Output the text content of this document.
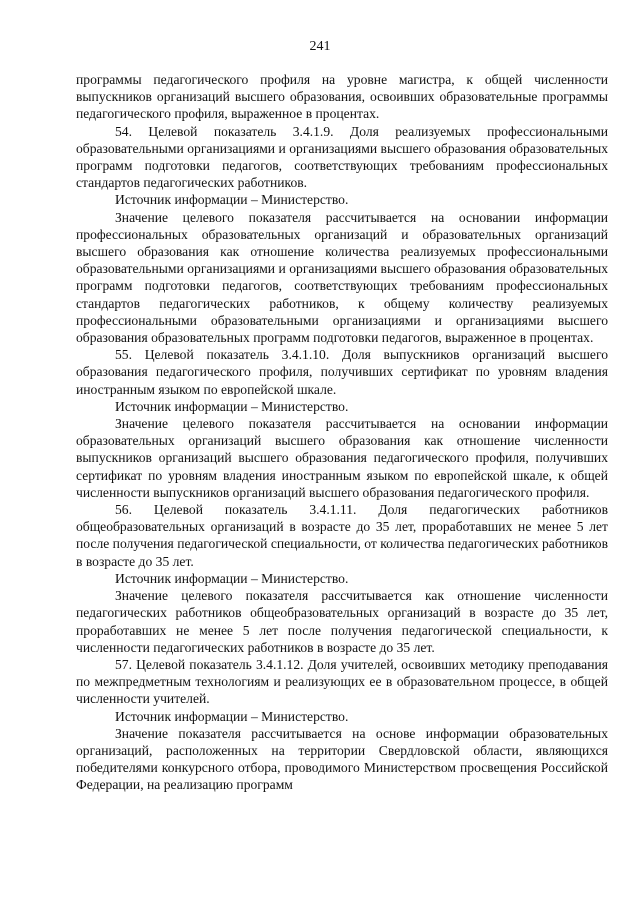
241

программы педагогического профиля на уровне магистра, к общей численности выпускников организаций высшего образования, освоивших образовательные программы педагогического профиля, выраженное в процентах.

54. Целевой показатель 3.4.1.9. Доля реализуемых профессиональными образовательными организациями и организациями высшего образования образовательных программ подготовки педагогов, соответствующих требованиям профессиональных стандартов педагогических работников.

Источник информации – Министерство.

Значение целевого показателя рассчитывается на основании информации профессиональных образовательных организаций и образовательных организаций высшего образования как отношение количества реализуемых профессиональными образовательными организациями и организациями высшего образования образовательных программ подготовки педагогов, соответствующих требованиям профессиональных стандартов педагогических работников, к общему количеству реализуемых профессиональными образовательными организациями и организациями высшего образования образовательных программ подготовки педагогов, выраженное в процентах.

55. Целевой показатель 3.4.1.10. Доля выпускников организаций высшего образования педагогического профиля, получивших сертификат по уровням владения иностранным языком по европейской шкале.

Источник информации – Министерство.

Значение целевого показателя рассчитывается на основании информации образовательных организаций высшего образования как отношение численности выпускников организаций высшего образования педагогического профиля, получивших сертификат по уровням владения иностранным языком по европейской шкале, к общей численности выпускников организаций высшего образования педагогического профиля.

56. Целевой показатель 3.4.1.11. Доля педагогических работников общеобразовательных организаций в возрасте до 35 лет, проработавших не менее 5 лет после получения педагогической специальности, от количества педагогических работников в возрасте до 35 лет.

Источник информации – Министерство.

Значение целевого показателя рассчитывается как отношение численности педагогических работников общеобразовательных организаций в возрасте до 35 лет, проработавших не менее 5 лет после получения педагогической специальности, к численности педагогических работников в возрасте до 35 лет.

57. Целевой показатель 3.4.1.12. Доля учителей, освоивших методику преподавания по межпредметным технологиям и реализующих ее в образовательном процессе, в общей численности учителей.

Источник информации – Министерство.

Значение показателя рассчитывается на основе информации образовательных организаций, расположенных на территории Свердловской области, являющихся победителями конкурсного отбора, проводимого Министерством просвещения Российской Федерации, на реализацию программ
